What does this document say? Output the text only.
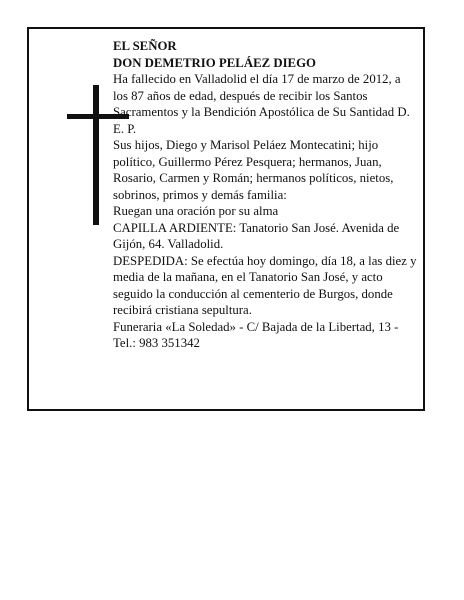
EL SEÑOR

DON DEMETRIO PELÁEZ DIEGO

Ha fallecido en Valladolid el día 17 de marzo de 2012, a los 87 años de edad, después de recibir los Santos Sacramentos y la Bendición Apostólica de Su Santidad D. E. P.

Sus hijos, Diego y Marisol Peláez Montecatini; hijo político, Guillermo Pérez Pesquera; hermanos, Juan, Rosario, Carmen y Román; hermanos políticos, nietos, sobrinos, primos y demás familia:

Ruegan una oración por su alma

CAPILLA ARDIENTE: Tanatorio San José. Avenida de Gijón, 64. Valladolid.

DESPEDIDA: Se efectúa hoy domingo, día 18, a las diez y media de la mañana, en el Tanatorio San José, y acto seguido la conducción al cementerio de Burgos, donde recibirá cristiana sepultura.

Funeraria «La Soledad» - C/ Bajada de la Libertad, 13 - Tel.: 983 351342
